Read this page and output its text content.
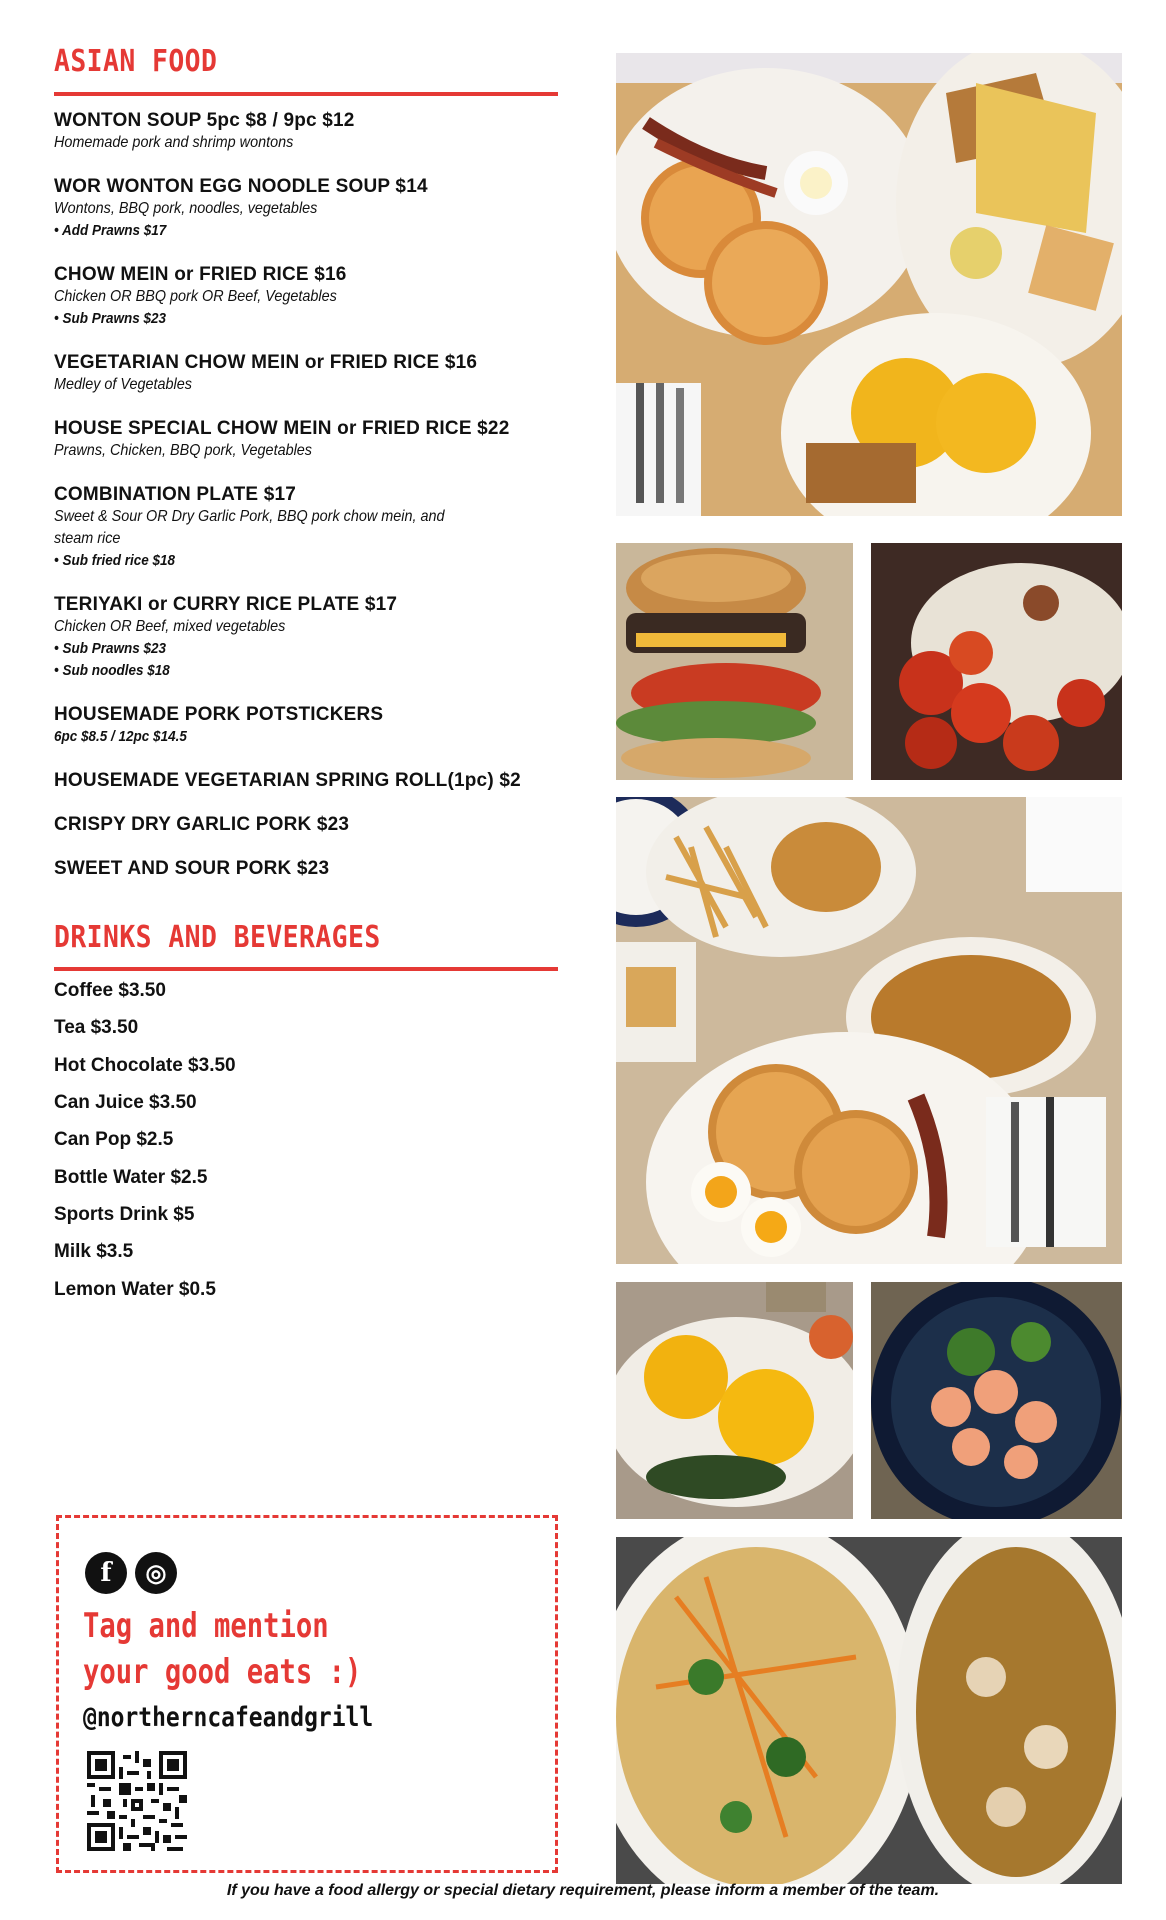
ASIAN FOOD
WONTON SOUP 5pc $8 / 9pc $12
Homemade pork and shrimp wontons
WOR WONTON EGG NOODLE SOUP $14
Wontons, BBQ pork, noodles, vegetables
• Add Prawns $17
CHOW MEIN or FRIED RICE $16
Chicken OR BBQ pork OR Beef, Vegetables
• Sub Prawns $23
VEGETARIAN CHOW MEIN or FRIED RICE $16
Medley of Vegetables
HOUSE SPECIAL CHOW MEIN or FRIED RICE $22
Prawns, Chicken, BBQ pork, Vegetables
COMBINATION PLATE $17
Sweet & Sour OR Dry Garlic Pork, BBQ pork chow mein, and
steam rice
• Sub fried rice $18
TERIYAKI or CURRY RICE PLATE $17
Chicken OR Beef, mixed vegetables
• Sub Prawns $23
• Sub noodles $18
HOUSEMADE PORK POTSTICKERS
6pc $8.5 / 12pc $14.5
HOUSEMADE VEGETARIAN SPRING ROLL(1pc) $2
CRISPY DRY GARLIC PORK $23
SWEET AND SOUR PORK $23
DRINKS AND BEVERAGES
Coffee $3.50
Tea $3.50
Hot Chocolate $3.50
Can Juice $3.50
Can Pop $2.5
Bottle Water $2.5
Sports Drink $5
Milk $3.5
Lemon Water $0.5
f ◎
Tag and mention
your good eats :)
@northerncafeandgrill
If you have a food allergy or special dietary requirement, please inform a member of the team.
